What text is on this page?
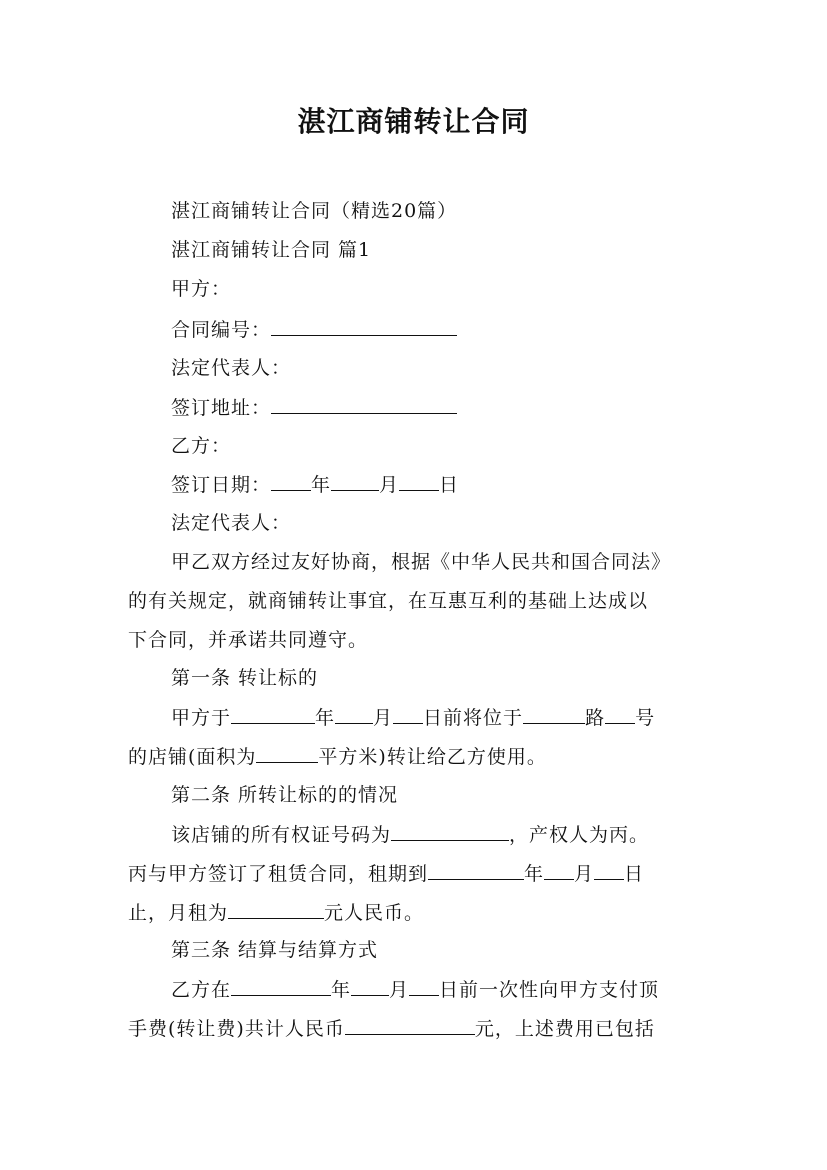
湛江商铺转让合同
湛江商铺转让合同（精选20篇）
湛江商铺转让合同 篇1
甲方：
合同编号：
法定代表人：
签订地址：
乙方：
签订日期： 年	月 日
法定代表人：
甲乙双方经过友好协商，根据《中华人民共和国合同法》
的有关规定，就商铺转让事宜，在互惠互利的基础上达成以
下合同，并承诺共同遵守。
第一条 转让标的
甲方于	年 月 日前将位于	路 号
的店铺(面积为	平方米)转让给乙方使用。
第二条 所转让标的的情况
该店铺的所有权证号码为	，产权人为丙。
丙与甲方签订了租赁合同，租期到	年 月 日
止，月租为	元人民币。
第三条 结算与结算方式
乙方在	年 月 日前一次性向甲方支付顶
手费(转让费)共计人民币	元，上述费用已包括
